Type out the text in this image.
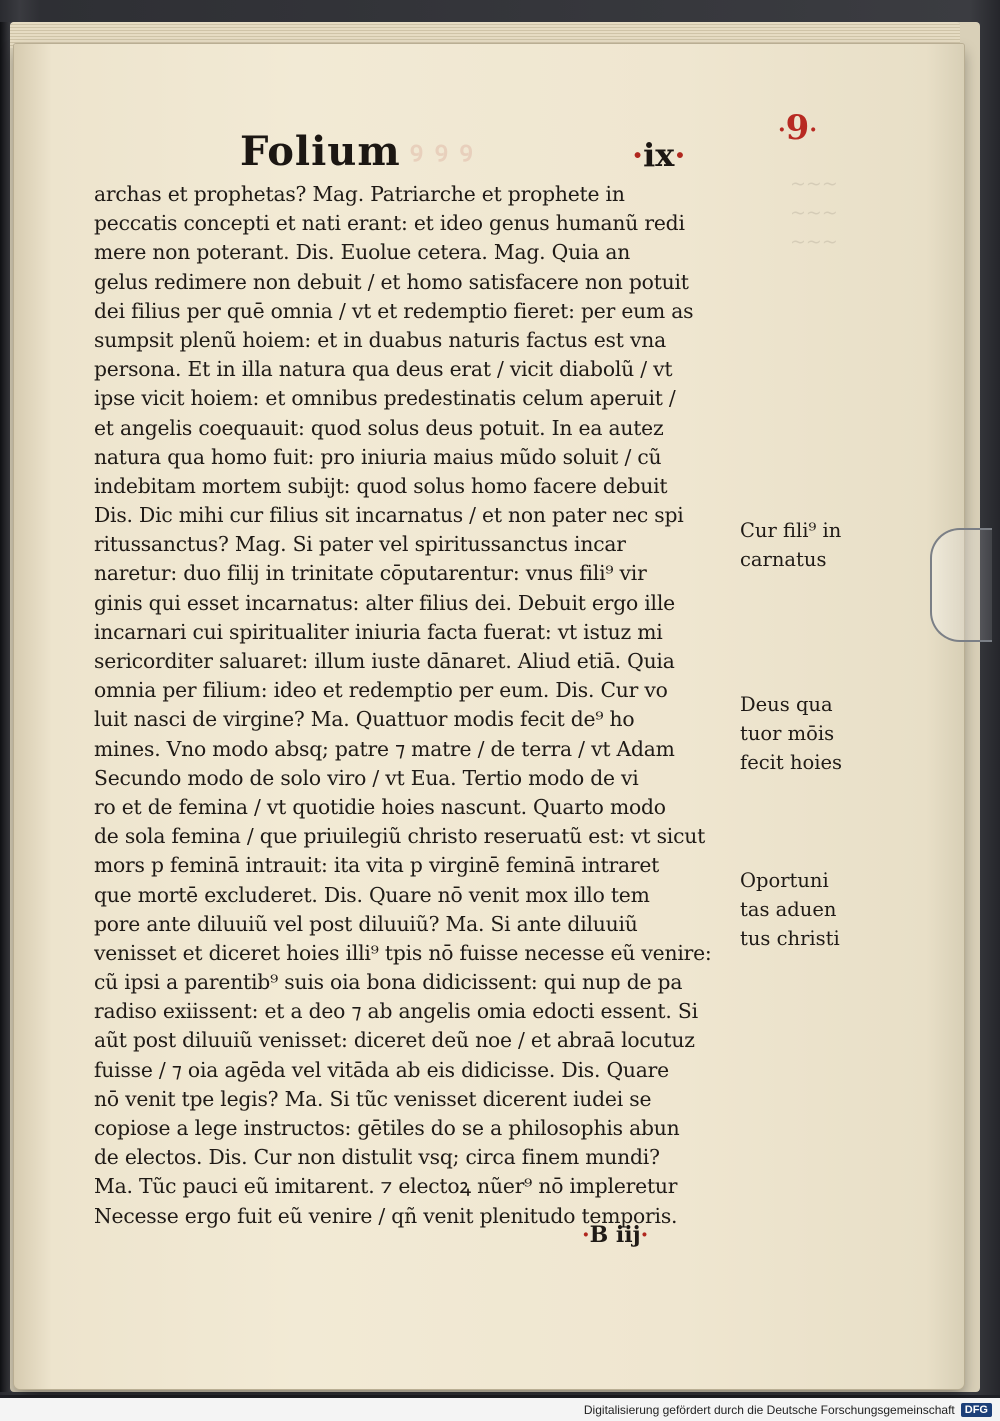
ꝰ ꝰ ꝰ
Folium	·ix·
·9·
~~~
~~~
~~~
archas et prophetas? Mag. Patriarche et prophete in
peccatis concepti et nati erant: et ideo genus humanũ redi
mere non poterant. Dis. Euolue cetera. Mag. Quia an
gelus redimere non debuit / et homo satisfacere non potuit
dei filius per quē omnia / vt et redemptio fieret: per eum as
sumpsit plenũ hoiem: et in duabus naturis factus est vna
persona. Et in illa natura qua deus erat / vicit diabolũ / vt
ipse vicit hoiem: et omnibus predestinatis celum aperuit /
et angelis coequauit: quod solus deus potuit. In ea autez
natura qua homo fuit: pro iniuria maius mũdo soluit / cũ
indebitam mortem subijt: quod solus homo facere debuit
Dis. Dic mihi cur filius sit incarnatus / et non pater nec spi
ritussanctus? Mag. Si pater vel spiritussanctus incar
naretur: duo filij in trinitate cōputarentur: vnus fili⁹ vir
ginis qui esset incarnatus: alter filius dei. Debuit ergo ille
incarnari cui spiritualiter iniuria facta fuerat: vt istuz mi
sericorditer saluaret: illum iuste dānaret. Aliud etiā. Quia
omnia per filium: ideo et redemptio per eum. Dis. Cur vo
luit nasci de virgine? Ma. Quattuor modis fecit de⁹ ho
mines. Vno modo absq; patre ⁊ matre / de terra / vt Adam
Secundo modo de solo viro / vt Eua. Tertio modo de vi
ro et de femina / vt quotidie hoies nascunt. Quarto modo
de sola femina / que priuilegiũ christo reseruatũ est: vt sicut
mors p feminā intrauit: ita vita p virginē feminā intraret
que mortē excluderet. Dis. Quare nō venit mox illo tem
pore ante diluuiũ vel post diluuiũ? Ma. Si ante diluuiũ
venisset et diceret hoies illi⁹ tpis nō fuisse necesse eũ venire:
cũ ipsi a parentib⁹ suis oia bona didicissent: qui nup de pa
radiso exiissent: et a deo ⁊ ab angelis omia edocti essent. Si
aũt post diluuiũ venisset: diceret deũ noe / et abraā locutuz
fuisse / ⁊ oia agēda vel vitāda ab eis didicisse. Dis. Quare
nō venit tpe legis? Ma. Si tũc venisset dicerent iudei se
copiose a lege instructos: gētiles do se a philosophis abun
de electos. Dis. Cur non distulit vsq; circa finem mundi?
Ma. Tũc pauci eũ imitarent. ⁊ electoꝝ nũer⁹ nō impleretur
Necesse ergo fuit eũ venire / qñ venit plenitudo temporis.
Cur fili⁹ in
carnatus
Deus qua
tuor mōis
fecit hoies
Oportuni
tas aduen
tus christi
·B iij·
Digitalisierung gefördert durch die Deutsche Forschungsgemeinschaft DFG
